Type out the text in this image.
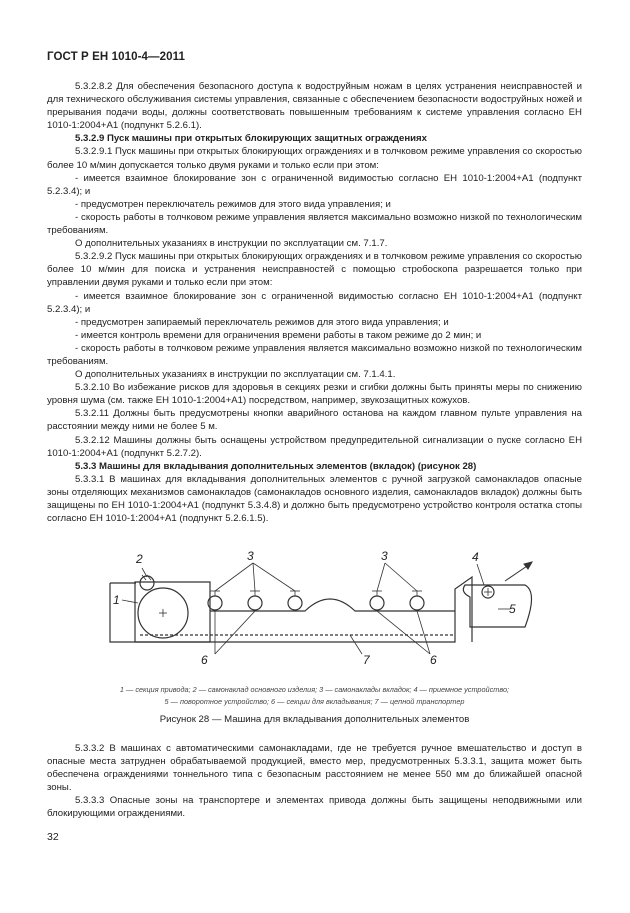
ГОСТ Р ЕН 1010-4—2011

5.3.2.8.2 Для обеспечения безопасного доступа к водоструйным ножам в целях устранения неисправностей и для технического обслуживания системы управления, связанные с обеспечением безопасности водоструйных ножей и прерывания подачи воды, должны соответствовать повышенным требованиям к системе управления согласно ЕН 1010-1:2004+А1 (подпункт 5.2.6.1).

5.3.2.9 Пуск машины при открытых блокирующих защитных ограждениях

5.3.2.9.1 Пуск машины при открытых блокирующих ограждениях и в толчковом режиме управления со скоростью более 10 м/мин допускается только двумя руками и только если при этом:

- имеется взаимное блокирование зон с ограниченной видимостью согласно ЕН 1010-1:2004+А1 (подпункт 5.2.3.4); и

- предусмотрен переключатель режимов для этого вида управления; и

- скорость работы в толчковом режиме управления является максимально возможно низкой по технологическим требованиям.

О дополнительных указаниях в инструкции по эксплуатации см. 7.1.7.

5.3.2.9.2 Пуск машины при открытых блокирующих ограждениях и в толчковом режиме управления со скоростью более 10 м/мин для поиска и устранения неисправностей с помощью стробоскопа разрешается только при управлении двумя руками и только если при этом:

- имеется взаимное блокирование зон с ограниченной видимостью согласно ЕН 1010-1:2004+А1 (подпункт 5.2.3.4); и

- предусмотрен запираемый переключатель режимов для этого вида управления; и

- имеется контроль времени для ограничения времени работы в таком режиме до 2 мин; и

- скорость работы в толчковом режиме управления является максимально возможно низкой по технологическим требованиям.

О дополнительных указаниях в инструкции по эксплуатации см. 7.1.4.1.

5.3.2.10 Во избежание рисков для здоровья в секциях резки и сгибки должны быть приняты меры по снижению уровня шума (см. также ЕН 1010-1:2004+А1) посредством, например, звукозащитных кожухов.

5.3.2.11 Должны быть предусмотрены кнопки аварийного останова на каждом главном пульте управления на расстоянии между ними не более 5 м.

5.3.2.12 Машины должны быть оснащены устройством предупредительной сигнализации о пуске согласно ЕН 1010-1:2004+А1 (подпункт 5.2.7.2).

5.3.3 Машины для вкладывания дополнительных элементов (вкладок) (рисунок 28)

5.3.3.1 В машинах для вкладывания дополнительных элементов с ручной загрузкой самонакладов опасные зоны отделяющих механизмов самонакладов (самонакладов основного изделия, самонакладов вкладок) должны быть защищены по ЕН 1010-1:2004+А1 (подпункт 5.3.4.8) и должно быть предусмотрено устройство контроля остатка стопы согласно ЕН 1010-1:2004+А1 (подпункт 5.2.6.1.5).

2	3	3	4
1
5
6	6
7
1 — секция привода; 2 — самонаклад основного изделия; 3 — самонаклады вкладок; 4 — приемное устройство;
5 — поворотное устройство; 6 — секции для вкладывания; 7 — цепной транспортер
Рисунок 28 — Машина для вкладывания дополнительных элементов

5.3.3.2 В машинах с автоматическими самонакладами, где не требуется ручное вмешательство и доступ в опасные места затруднен обрабатываемой продукцией, вместо мер, предусмотренных 5.3.3.1, защита может быть обеспечена ограждениями тоннельного типа с безопасным расстоянием не менее 550 мм до ближайшей опасной зоны.

5.3.3.3 Опасные зоны на транспортере и элементах привода должны быть защищены неподвижными или блокирующими ограждениями.

32
